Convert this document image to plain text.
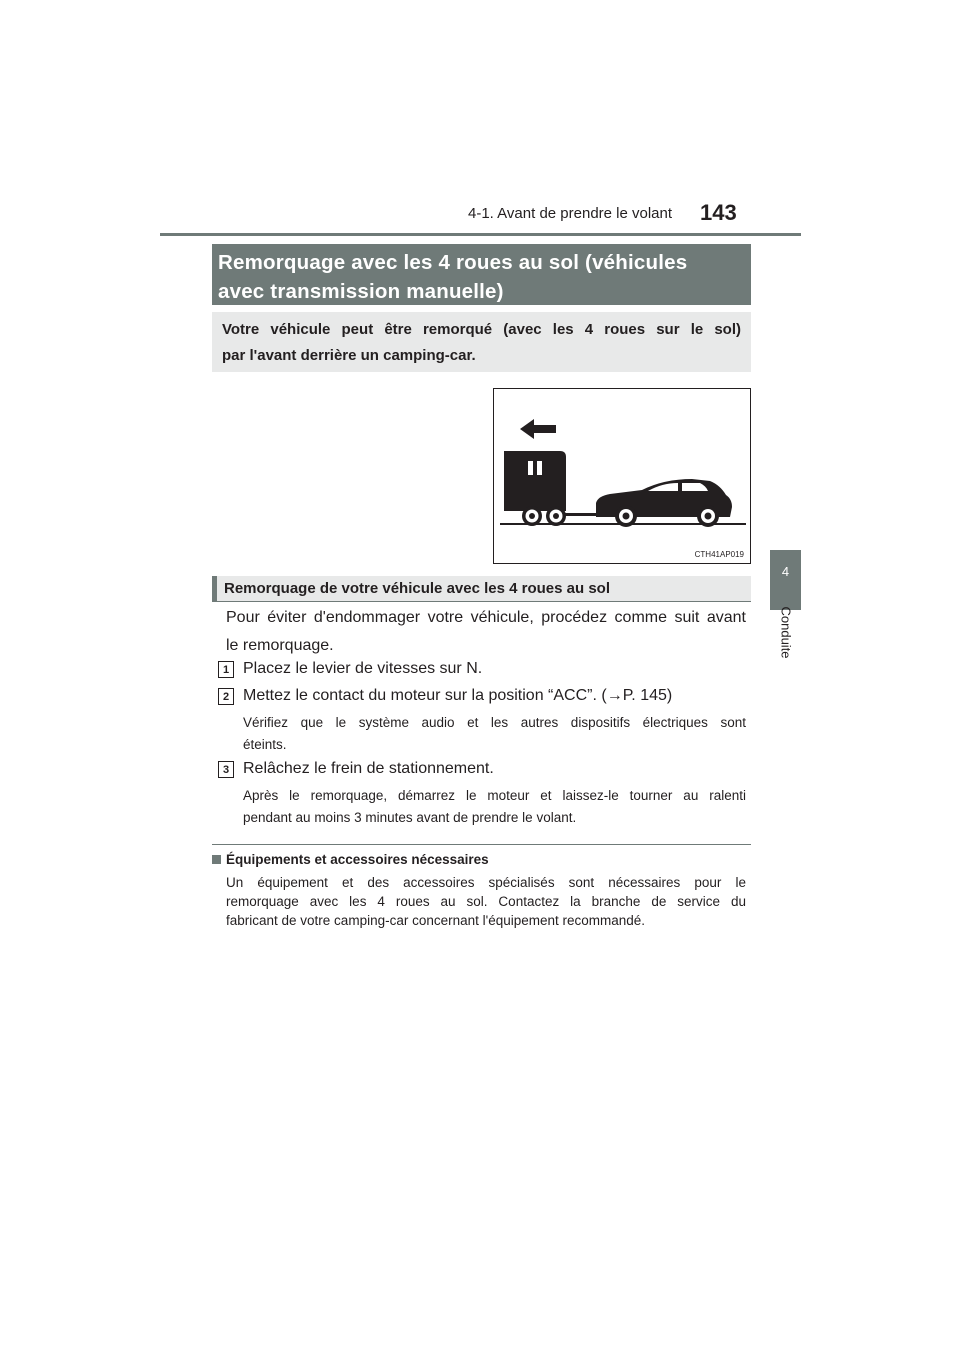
4-1. Avant de prendre le volant 143
4
Conduite
Remorquage avec les 4 roues au sol (véhicules
avec transmission manuelle)
Votre véhicule peut être remorqué (avec les 4 roues sur le sol)
par l'avant derrière un camping-car.
CTH41AP019
Remorquage de votre véhicule avec les 4 roues au sol
Pour éviter d'endommager votre véhicule, procédez comme suit avant
le remorquage.
1 Placez le levier de vitesses sur N.
2 Mettez le contact du moteur sur la position “ACC”. (→P. 145)
Vérifiez que le système audio et les autres dispositifs électriques sont
éteints.
3 Relâchez le frein de stationnement.
Après le remorquage, démarrez le moteur et laissez-le tourner au ralenti
pendant au moins 3 minutes avant de prendre le volant.
Équipements et accessoires nécessaires
Un équipement et des accessoires spécialisés sont nécessaires pour le
remorquage avec les 4 roues au sol. Contactez la branche de service du
fabricant de votre camping-car concernant l'équipement recommandé.
